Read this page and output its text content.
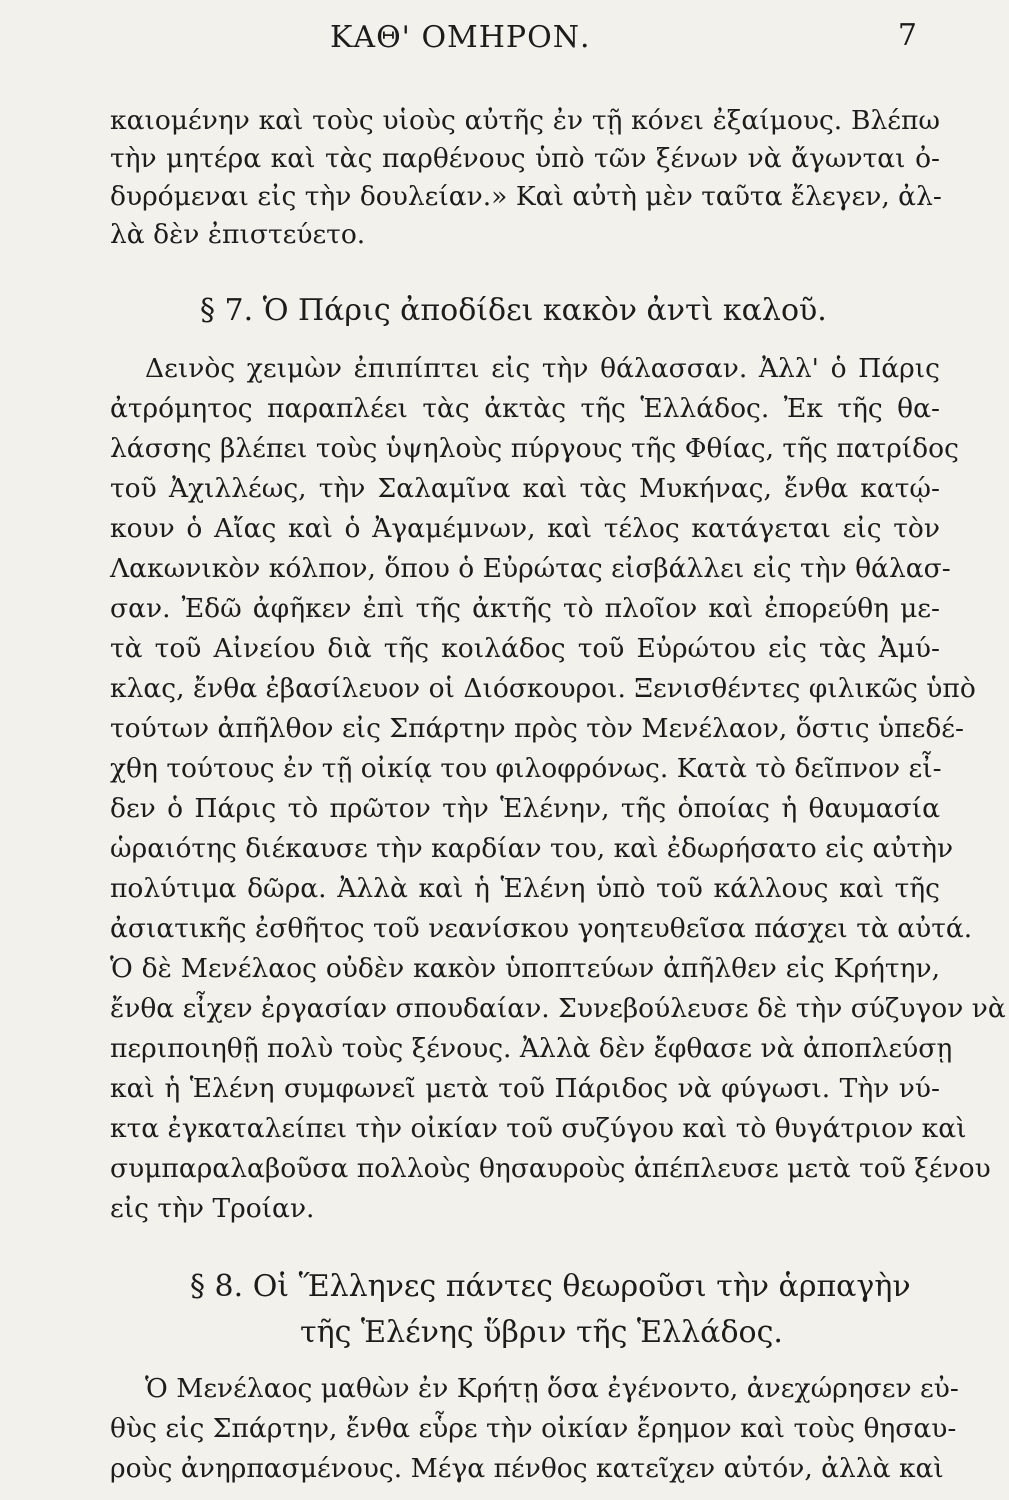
ΚΑΘ' ΟΜΗΡΟΝ.	7
καιομένην καὶ τοὺς υἱοὺς αὐτῆς ἐν τῇ κόνει ἐξαίμους. Βλέπω
τὴν μητέρα καὶ τὰς παρθένους ὑπὸ τῶν ξένων νὰ ἄγωνται ὀ-
δυρόμεναι εἰς τὴν δουλείαν.» Καὶ αὐτὴ μὲν ταῦτα ἔλεγεν, ἀλ-
λὰ δὲν ἐπιστεύετο.
§ 7. Ὁ Πάρις ἀποδίδει κακὸν ἀντὶ καλοῦ.
Δεινὸς χειμὼν ἐπιπίπτει εἰς τὴν θάλασσαν. Ἀλλ' ὁ Πάρις
ἀτρόμητος παραπλέει τὰς ἀκτὰς τῆς Ἑλλάδος. Ἐκ τῆς θα-
λάσσης βλέπει τοὺς ὑψηλοὺς πύργους τῆς Φθίας, τῆς πατρίδος
τοῦ Ἀχιλλέως, τὴν Σαλαμῖνα καὶ τὰς Μυκήνας, ἔνθα κατῴ-
κουν ὁ Αἴας καὶ ὁ Ἀγαμέμνων, καὶ τέλος κατάγεται εἰς τὸν
Λακωνικὸν κόλπον, ὅπου ὁ Εὐρώτας εἰσβάλλει εἰς τὴν θάλασ-
σαν. Ἐδῶ ἀφῆκεν ἐπὶ τῆς ἀκτῆς τὸ πλοῖον καὶ ἐπορεύθη με-
τὰ τοῦ Αἰνείου διὰ τῆς κοιλάδος τοῦ Εὐρώτου εἰς τὰς Ἀμύ-
κλας, ἔνθα ἐβασίλευον οἱ Διόσκουροι. Ξενισθέντες φιλικῶς ὑπὸ
τούτων ἀπῆλθον εἰς Σπάρτην πρὸς τὸν Μενέλαον, ὅστις ὑπεδέ-
χθη τούτους ἐν τῇ οἰκίᾳ του φιλοφρόνως. Κατὰ τὸ δεῖπνον εἶ-
δεν ὁ Πάρις τὸ πρῶτον τὴν Ἑλένην, τῆς ὁποίας ἡ θαυμασία
ὡραιότης διέκαυσε τὴν καρδίαν του, καὶ ἐδωρήσατο εἰς αὐτὴν
πολύτιμα δῶρα. Ἀλλὰ καὶ ἡ Ἑλένη ὑπὸ τοῦ κάλλους καὶ τῆς
ἀσιατικῆς ἐσθῆτος τοῦ νεανίσκου γοητευθεῖσα πάσχει τὰ αὐτά.
Ὁ δὲ Μενέλαος οὐδὲν κακὸν ὑποπτεύων ἀπῆλθεν εἰς Κρήτην,
ἔνθα εἶχεν ἐργασίαν σπουδαίαν. Συνεβούλευσε δὲ τὴν σύζυγον νὰ
περιποιηθῇ πολὺ τοὺς ξένους. Ἀλλὰ δὲν ἔφθασε νὰ ἀποπλεύσῃ
καὶ ἡ Ἑλένη συμφωνεῖ μετὰ τοῦ Πάριδος νὰ φύγωσι. Τὴν νύ-
κτα ἐγκαταλείπει τὴν οἰκίαν τοῦ συζύγου καὶ τὸ θυγάτριον καὶ
συμπαραλαβοῦσα πολλοὺς θησαυροὺς ἀπέπλευσε μετὰ τοῦ ξένου
εἰς τὴν Τροίαν.
§ 8. Οἱ Ἕλληνες πάντες θεωροῦσι τὴν ἁρπαγὴν
τῆς Ἑλένης ὕβριν τῆς Ἑλλάδος.
Ὁ Μενέλαος μαθὼν ἐν Κρήτῃ ὅσα ἐγένοντο, ἀνεχώρησεν εὐ-
θὺς εἰς Σπάρτην, ἔνθα εὗρε τὴν οἰκίαν ἔρημον καὶ τοὺς θησαυ-
ροὺς ἀνηρπασμένους. Μέγα πένθος κατεῖχεν αὐτόν, ἀλλὰ καὶ
